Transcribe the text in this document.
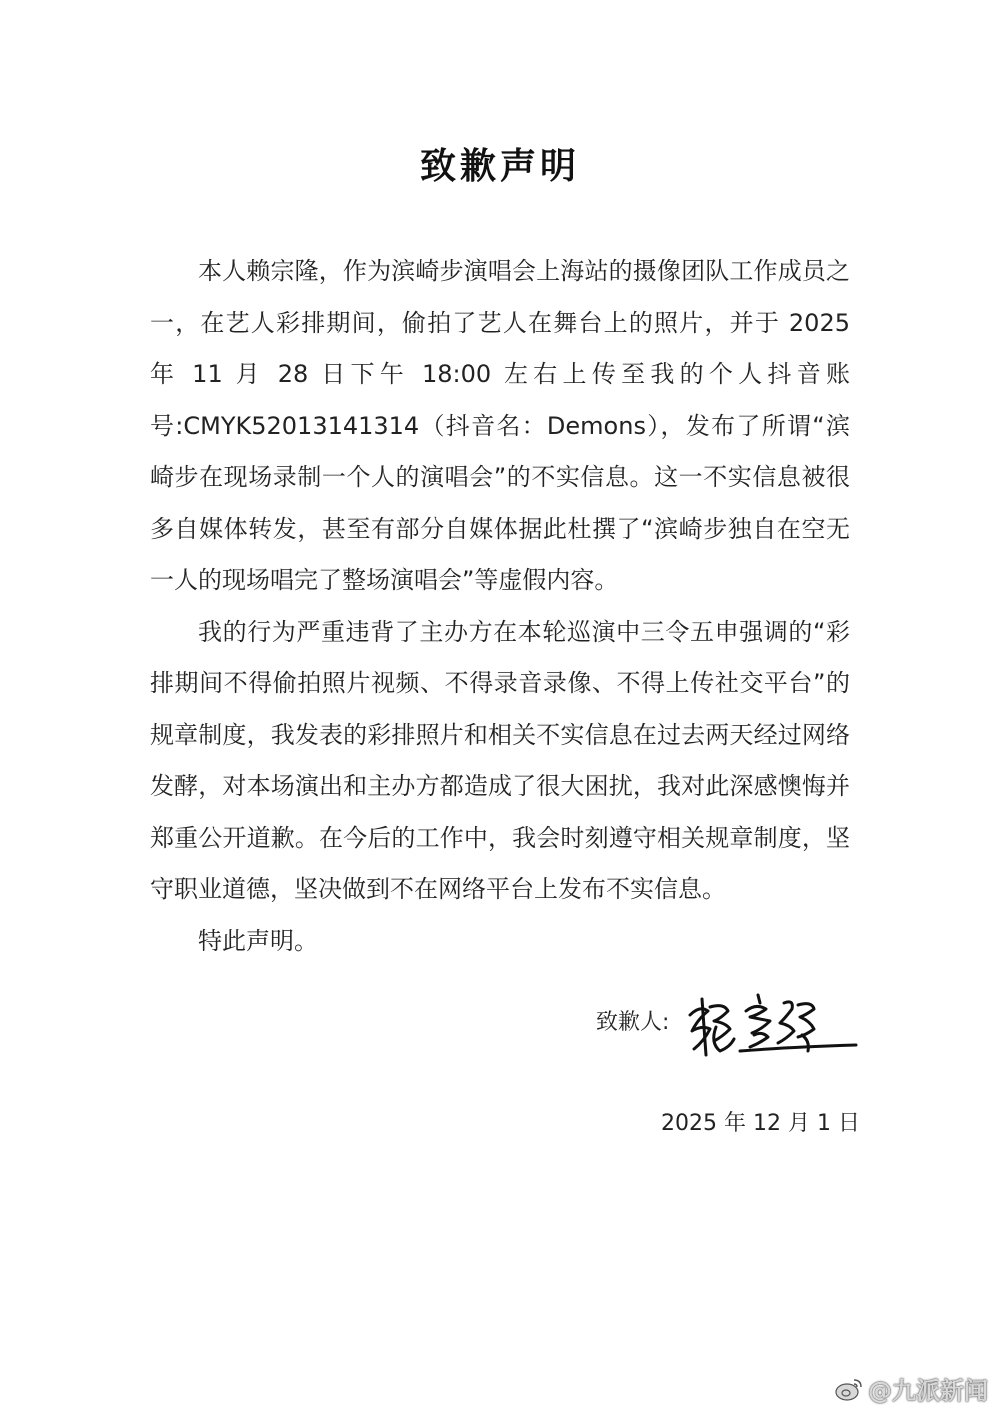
致歉声明

本人赖宗隆，作为滨崎步演唱会上海站的摄像团队工作成员之一，在艺人彩排期间，偷拍了艺人在舞台上的照片，并于 2025 年 11 月 28 日下午 18:00 左右上传至我的个人抖音账号:CMYK52013141314（抖音名：Demons），发布了所谓“滨崎步在现场录制一个人的演唱会”的不实信息。这一不实信息被很多自媒体转发，甚至有部分自媒体据此杜撰了“滨崎步独自在空无一人的现场唱完了整场演唱会”等虚假内容。

我的行为严重违背了主办方在本轮巡演中三令五申强调的“彩排期间不得偷拍照片视频、不得录音录像、不得上传社交平台”的规章制度，我发表的彩排照片和相关不实信息在过去两天经过网络发酵，对本场演出和主办方都造成了很大困扰，我对此深感懊悔并郑重公开道歉。在今后的工作中，我会时刻遵守相关规章制度，坚守职业道德，坚决做到不在网络平台上发布不实信息。

特此声明。

致歉人:
2025 年 12 月 1 日
@九派新闻
